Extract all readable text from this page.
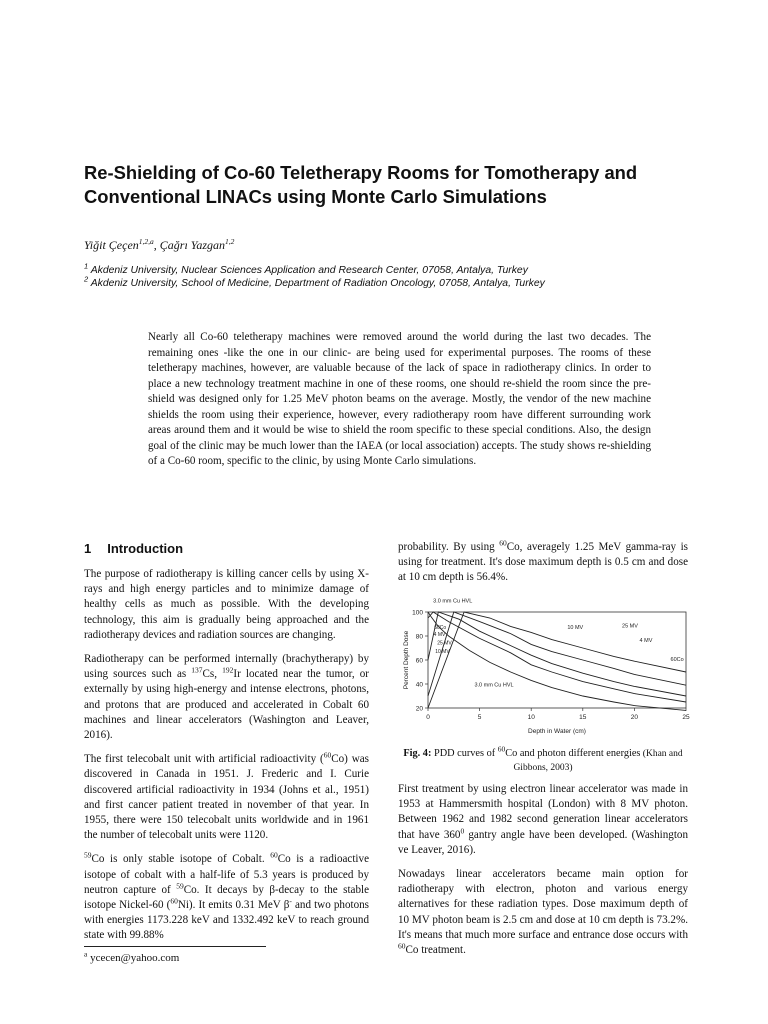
Re-Shielding of Co-60 Teletherapy Rooms for Tomotherapy and Conventional LINACs using Monte Carlo Simulations
Yiğit Çeçen$^{1,2,a}$, Çağrı Yazgan$^{1,2}$
$^1$ Akdeniz University, Nuclear Sciences Application and Research Center, 07058, Antalya, Turkey
$^2$ Akdeniz University, School of Medicine, Department of Radiation Oncology, 07058, Antalya, Turkey
Nearly all Co-60 teletherapy machines were removed around the world during the last two decades. The remaining ones -like the one in our clinic- are being used for experimental purposes. The rooms of these teletherapy machines, however, are valuable because of the lack of space in radiotherapy clinics. In order to place a new technology treatment machine in one of these rooms, one should re-shield the room since the pre-shield was designed only for 1.25 MeV photon beams on the average. Mostly, the vendor of the new machine shields the room using their experience, however, every radiotherapy room have different surrounding work areas around them and it would be wise to shield the room specific to these special conditions. Also, the design goal of the clinic may be much lower than the IAEA (or local association) accepts. The study shows re-shielding of a Co-60 room, specific to the clinic, by using Monte Carlo simulations.
1 Introduction

The purpose of radiotherapy is killing cancer cells by using X-rays and high energy particles and to minimize damage of healthy cells as much as possible. With the developing technology, this aim is gradually being approached and the radiotherapy devices and radiation sources are changing.

Radiotherapy can be performed internally (brachytherapy) by using sources such as $^{137}$Cs, $^{192}$Ir located near the tumor, or externally by using high-energy and intense electrons, photons, and protons that are produced and accelerated in Cobalt 60 machines and linear accelerators (Washington and Leaver, 2016).

The first telecobalt unit with artificial radioactivity ($^{60}$Co) was discovered in Canada in 1951. J. Frederic and I. Curie discovered artificial radioactivity in 1934 (Johns et al., 1951) and first cancer patient treated in november of that year. In 1955, there were 150 telecobalt units worldwide and in 1961 the number of telecobalt units were 1120.

$^{59}$Co is only stable isotope of Cobalt. $^{60}$Co is a radioactive isotope of cobalt with a half-life of 5.3 years is produced by neutron capture of $^{59}$Co. It decays by β-decay to the stable isotope Nickel-60 ($^{60}$Ni). It emits 0.31 MeV β- and two photons with energies 1173.228 keV and 1332.492 keV to reach ground state with 99.88%

probability. By using $^{60}$Co, averagely 1.25 MeV gamma-ray is using for treatment. It's dose maximum depth is 0.5 cm and dose at 10 cm depth is 56.4%.
20
40
60
80
100
0	5	10	15	20	25
Depth in Water (cm)
Percent Depth Dose
3.0 mm Cu HVL
10 MV	25 MV
4 MV
60Co
3.0 mm Cu HVL
60Co
4 MV
25 MV
10 MV
Fig. 4: PDD curves of $^{60}$Co and photon different energies (Khan and Gibbons, 2003)

First treatment by using electron linear accelerator was made in 1953 at Hammersmith hospital (London) with 8 MV photon. Between 1962 and 1982 second generation linear accelerators that have $360^0$ gantry angle have been developed. (Washington ve Leaver, 2016).

Nowadays linear accelerators became main option for radiotherapy with electron, photon and various energy alternatives for these radiation types. Dose maximum depth of 10 MV photon beam is 2.5 cm and dose at 10 cm depth is 73.2%. It's means that much more surface and entrance dose occurs with $^{60}$Co treatment.

$^a$ ycecen@yahoo.com
